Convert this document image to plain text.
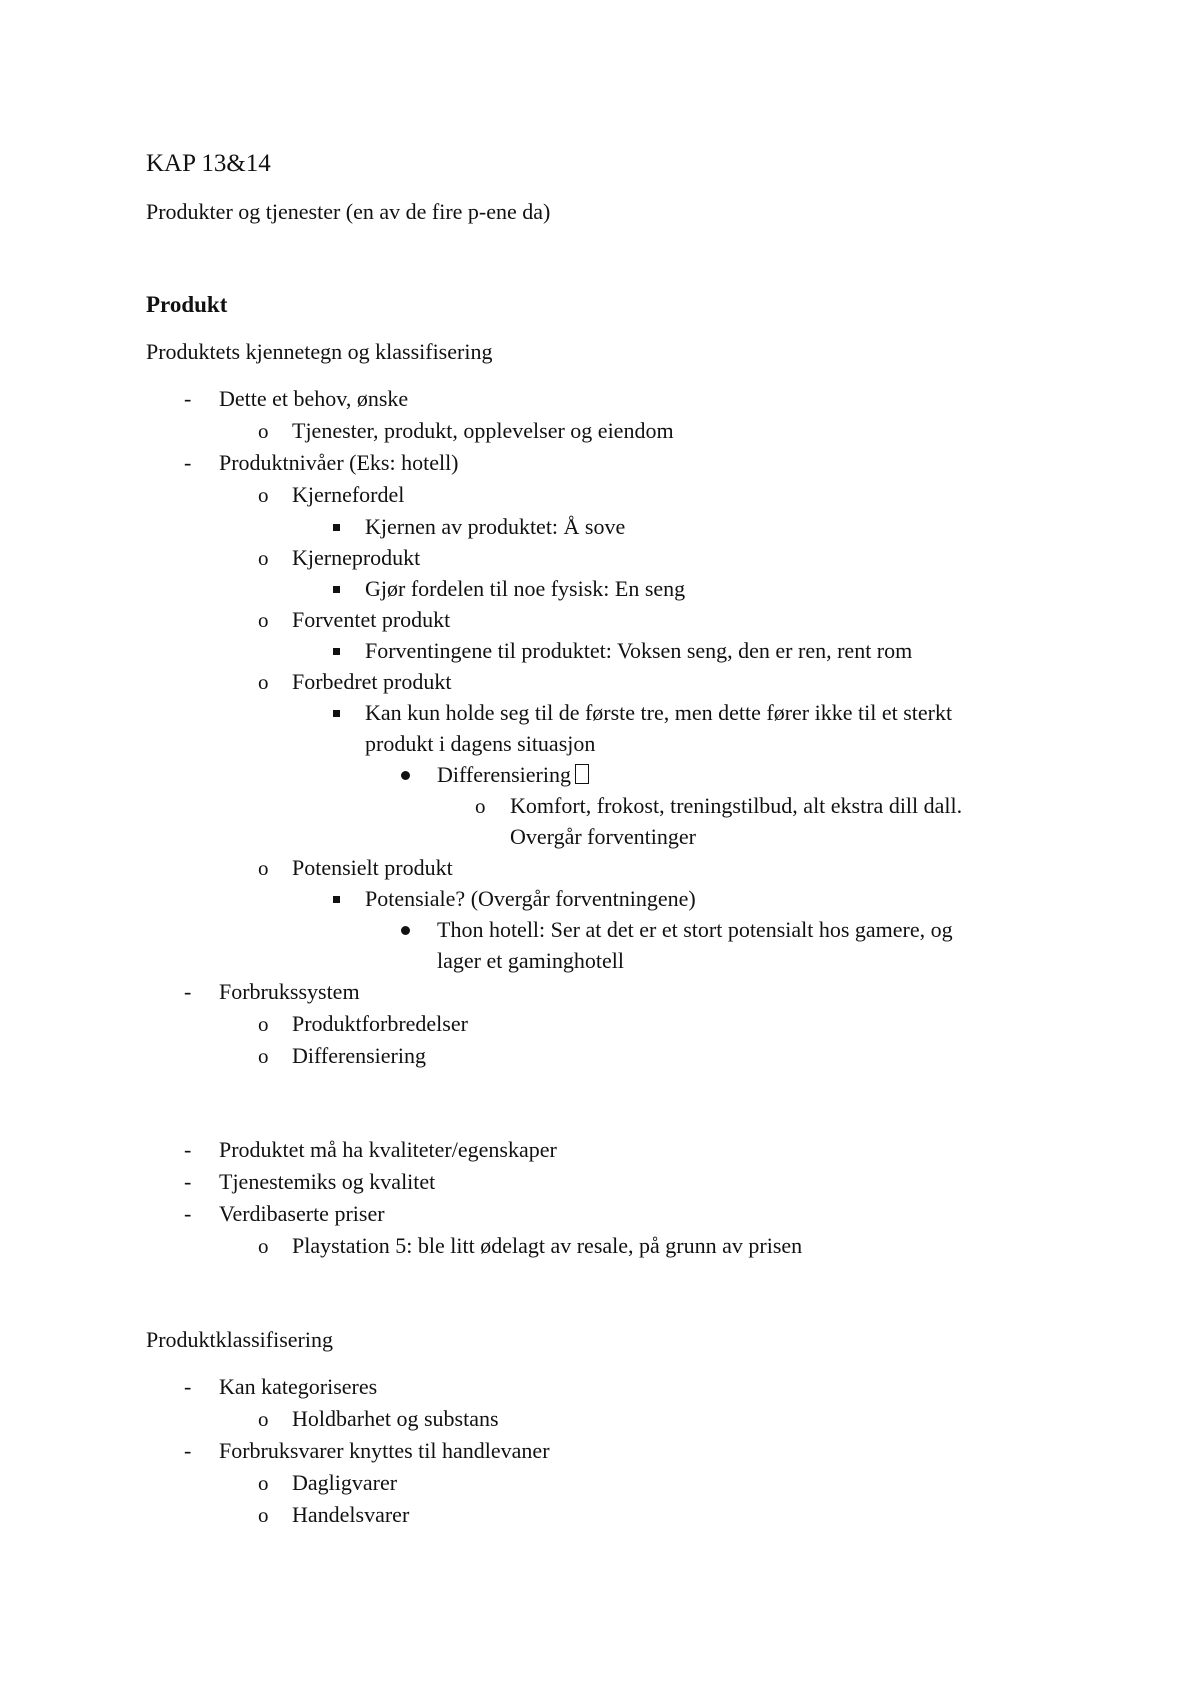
KAP 13&14
Produkter og tjenester (en av de fire p-ene da)
Produkt
Produktets kjennetegn og klassifisering
- Dette et behov, ønske
o Tjenester, produkt, opplevelser og eiendom
- Produktnivåer (Eks: hotell)
o Kjernefordel
Kjernen av produktet: Å sove
o Kjerneprodukt
Gjør fordelen til noe fysisk: En seng
o Forventet produkt
Forventingene til produktet: Voksen seng, den er ren, rent rom
o Forbedret produkt
Kan kun holde seg til de første tre, men dette fører ikke til et sterkt
produkt i dagens situasjon
Differensiering
o Komfort, frokost, treningstilbud, alt ekstra dill dall.
Overgår forventinger
o Potensielt produkt
Potensiale? (Overgår forventningene)
Thon hotell: Ser at det er et stort potensialt hos gamere, og
lager et gaminghotell
- Forbrukssystem
o Produktforbredelser
o Differensiering
- Produktet må ha kvaliteter/egenskaper
- Tjenestemiks og kvalitet
- Verdibaserte priser
o Playstation 5: ble litt ødelagt av resale, på grunn av prisen
Produktklassifisering
- Kan kategoriseres
o Holdbarhet og substans
- Forbruksvarer knyttes til handlevaner
o Dagligvarer
o Handelsvarer
